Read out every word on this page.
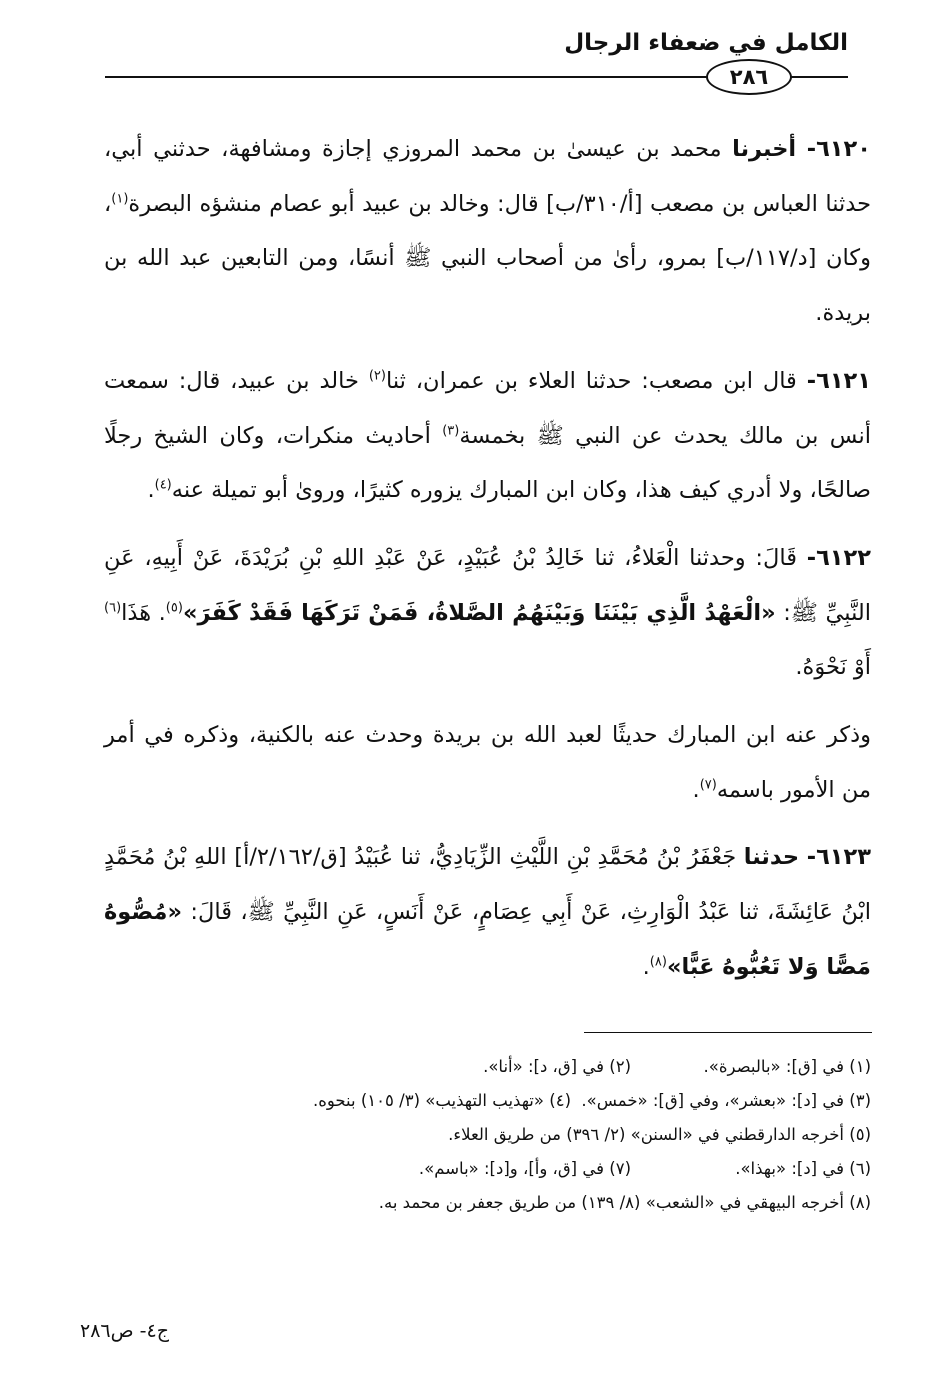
الكامل في ضعفاء الرجال
٢٨٦

٦١٢٠- أخبرنا محمد بن عيسىٰ بن محمد المروزي إجازة ومشافهة، حدثني أبي، حدثنا العباس بن مصعب [أ/٣١٠/ب] قال: وخالد بن عبيد أبو عصام منشؤه البصرة$^{(١)}$، وكان [د/١١٧/ب] بمرو، رأىٰ من أصحاب النبي ﷺ أنسًا، ومن التابعين عبد الله بن بريدة.

٦١٢١- قال ابن مصعب: حدثنا العلاء بن عمران، ثنا$^{(٢)}$ خالد بن عبيد، قال: سمعت أنس بن مالك يحدث عن النبي ﷺ بخمسة$^{(٣)}$ أحاديث منكرات، وكان الشيخ رجلًا صالحًا، ولا أدري كيف هذا، وكان ابن المبارك يزوره كثيرًا، ورویٰ أبو تميلة عنه$^{(٤)}$.

٦١٢٢- قَالَ: وحدثنا الْعَلاءُ، ثنا خَالِدُ بْنُ عُبَيْدٍ، عَنْ عَبْدِ اللهِ بْنِ بُرَيْدَةَ، عَنْ أَبِيهِ، عَنِ النَّبِيِّ ﷺ: «الْعَهْدُ الَّذِي بَيْنَنَا وَبَيْنَهُمُ الصَّلاةُ، فَمَنْ تَرَكَهَا فَقَدْ كَفَرَ»$^{(٥)}$. هَذَا$^{(٦)}$ أَوْ نَحْوَهُ.

وذكر عنه ابن المبارك حديثًا لعبد الله بن بريدة وحدث عنه بالكنية، وذكره في أمر من الأمور باسمه$^{(٧)}$.

٦١٢٣- حدثنا جَعْفَرُ بْنُ مُحَمَّدِ بْنِ اللَّيْثِ الزِّيَادِيُّ، ثنا عُبَيْدُ [ق/٢/١٦٢/أ] اللهِ بْنُ مُحَمَّدٍ ابْنُ عَائِشَةَ، ثنا عَبْدُ الْوَارِثِ، عَنْ أَبِي عِصَامٍ، عَنْ أَنَسٍ، عَنِ النَّبِيِّ ﷺ، قَالَ: «مُصُّوهُ مَصًّا وَلا تَعُبُّوهُ عَبًّا»$^{(٨)}$.

(١) في [ق]: «بالبصرة».
(٢) في [ق، د]: «أنا».
(٣) في [د]: «بعشر»، وفي [ق]: «خمس».
(٤) «تهذيب التهذيب» (٣/ ١٠٥) بنحوه.
(٥) أخرجه الدارقطني في «السنن» (٢/ ٣٩٦) من طريق العلاء.
(٦) في [د]: «بهذا».
(٧) في [ق، وأ]، و[د]: «باسم».
(٨) أخرجه البيهقي في «الشعب» (٨/ ١٣٩) من طريق جعفر بن محمد به.
ج٤- ص٢٨٦
